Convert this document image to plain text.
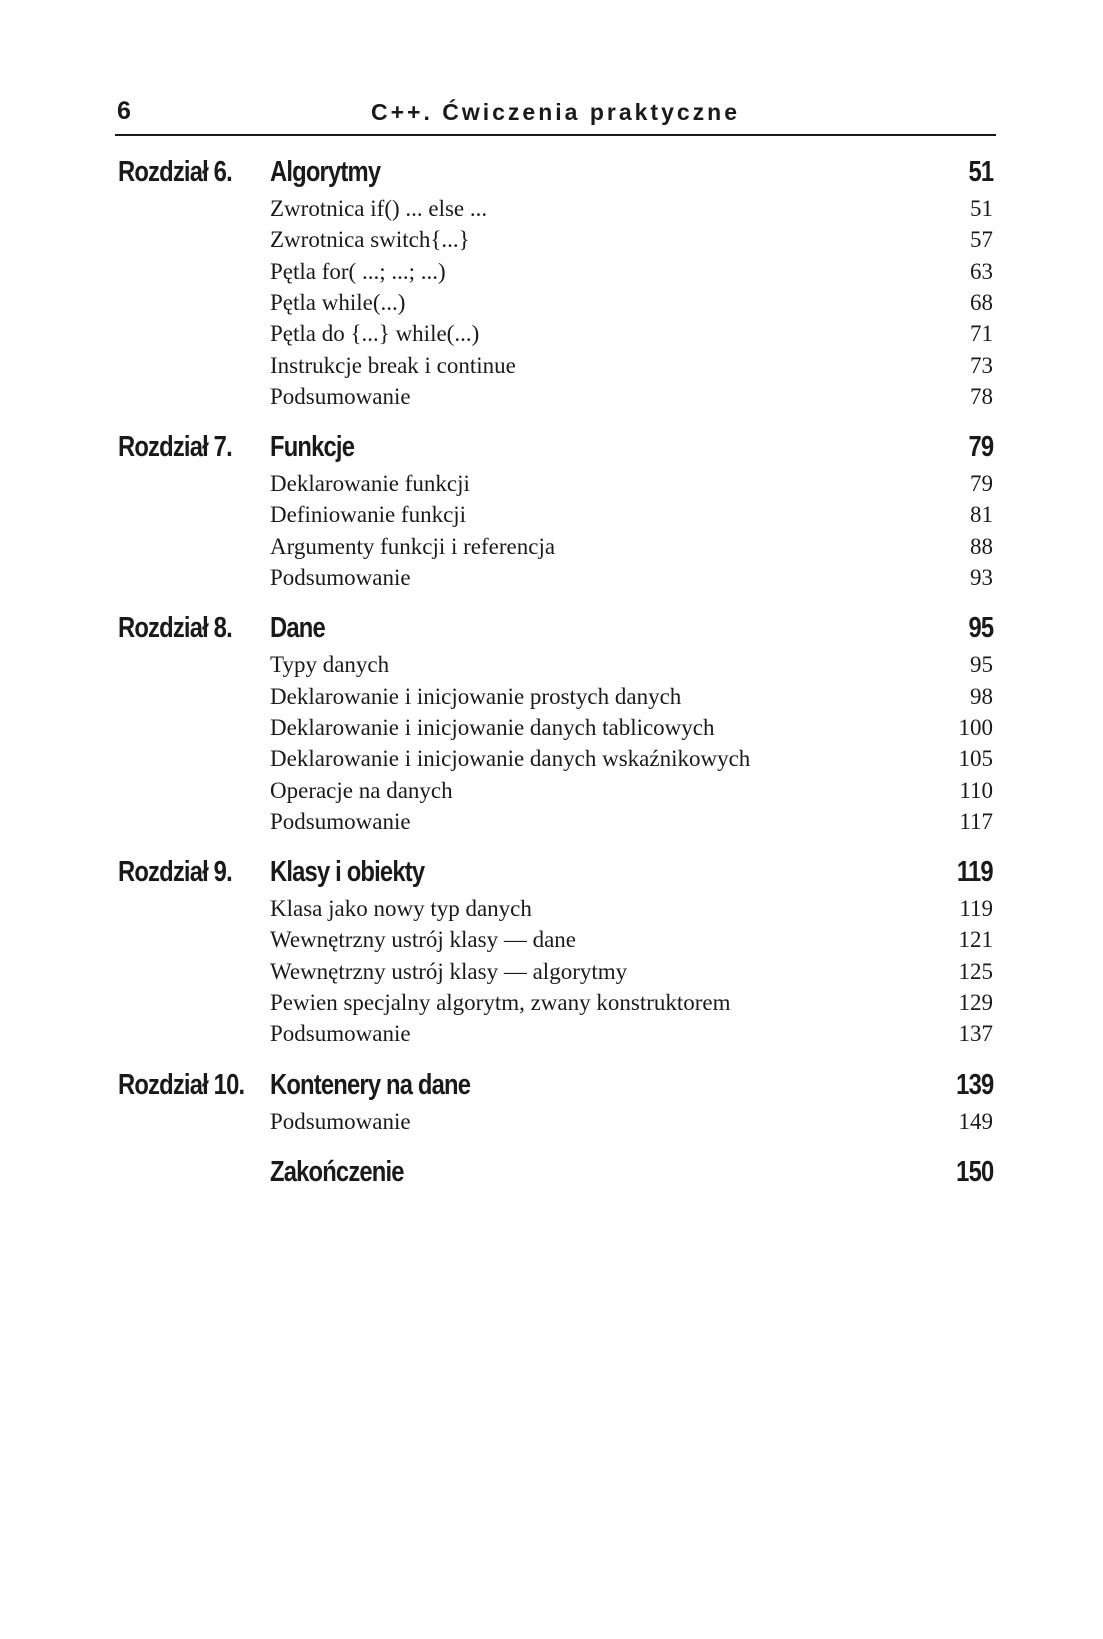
6	C++. Ćwiczenia praktyczne
Rozdział 6. Algorytmy	51
Zwrotnica if() ... else ...	51
Zwrotnica switch{...}	57
Pętla for( ...; ...; ...)	63
Pętla while(...)	68
Pętla do {...} while(...)	71
Instrukcje break i continue	73
Podsumowanie	78
Rozdział 7. Funkcje	79
Deklarowanie funkcji	79
Definiowanie funkcji	81
Argumenty funkcji i referencja	88
Podsumowanie	93
Rozdział 8. Dane	95
Typy danych	95
Deklarowanie i inicjowanie prostych danych	98
Deklarowanie i inicjowanie danych tablicowych	100
Deklarowanie i inicjowanie danych wskaźnikowych	105
Operacje na danych	110
Podsumowanie	117
Rozdział 9. Klasy i obiekty	119
Klasa jako nowy typ danych	119
Wewnętrzny ustrój klasy — dane	121
Wewnętrzny ustrój klasy — algorytmy	125
Pewien specjalny algorytm, zwany konstruktorem	129
Podsumowanie	137
Rozdział 10. Kontenery na dane	139
Podsumowanie	149
Zakończenie	150
